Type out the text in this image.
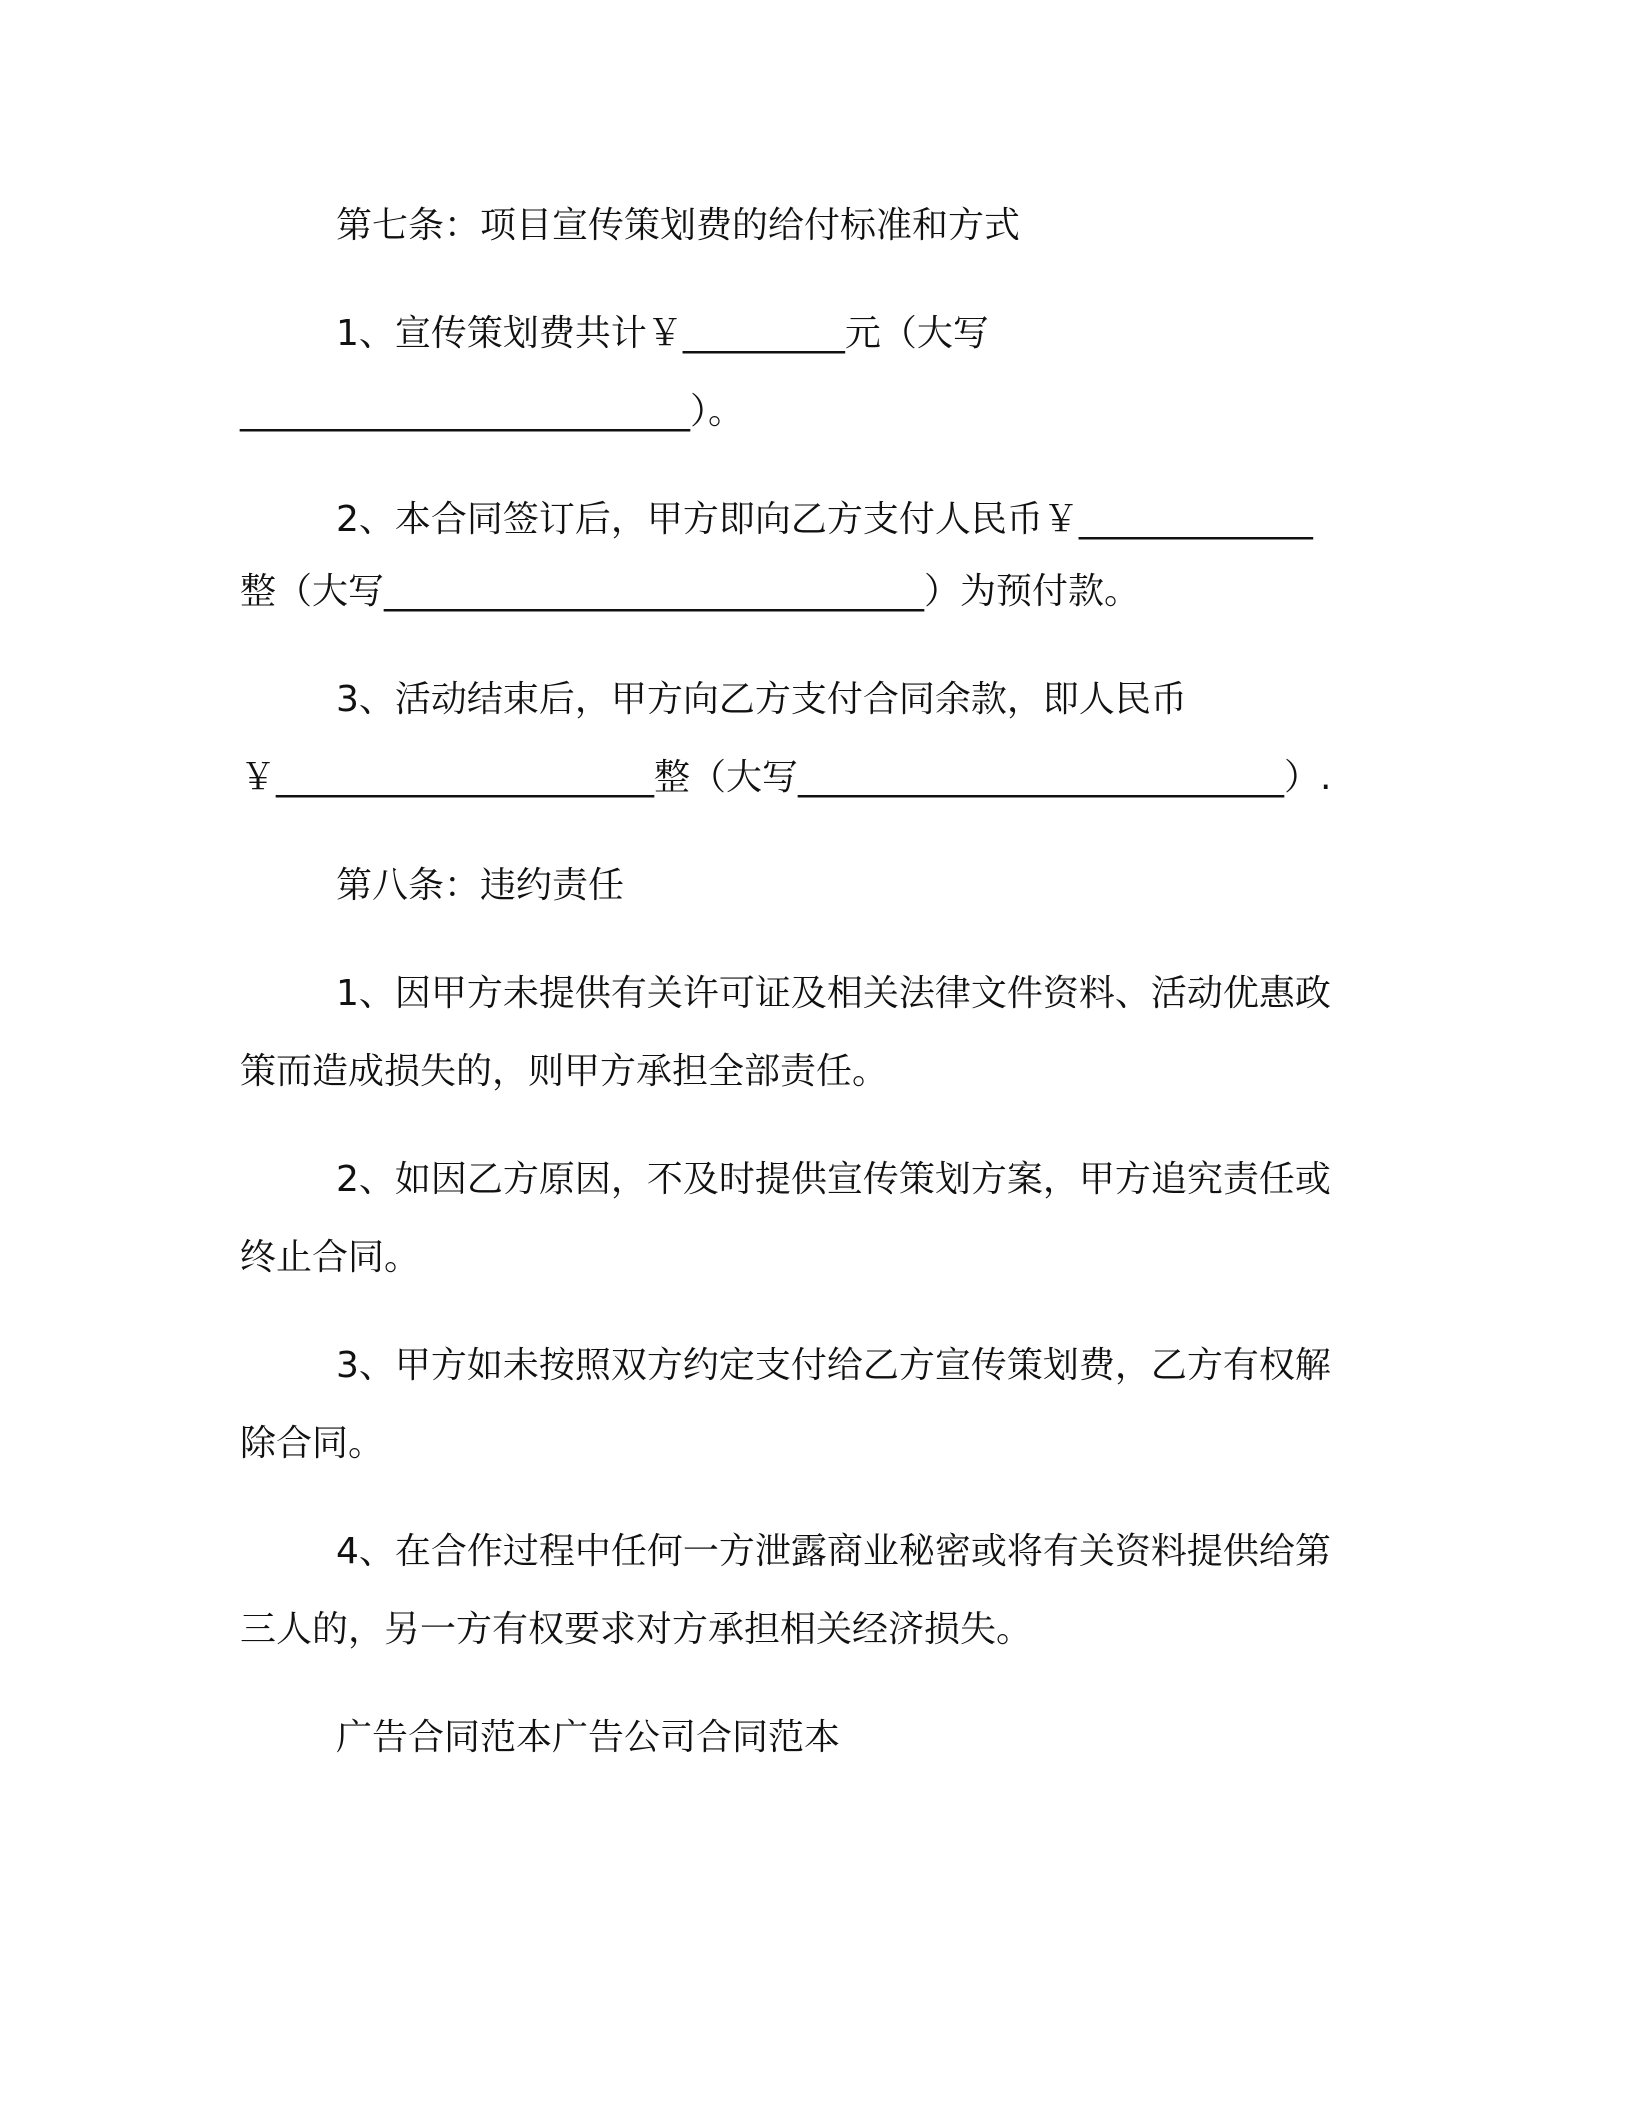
第七条：项目宣传策划费的给付标准和方式
1、宣传策划费共计￥_________元（大写
_________________________）。
2、本合同签订后，甲方即向乙方支付人民币￥_____________
整（大写______________________________）为预付款。
3、活动结束后，甲方向乙方支付合同余款，即人民币
￥_____________________整（大写___________________________）.
第八条：违约责任
1、因甲方未提供有关许可证及相关法律文件资料、活动优惠政
策而造成损失的，则甲方承担全部责任。
2、如因乙方原因，不及时提供宣传策划方案，甲方追究责任或
终止合同。
3、甲方如未按照双方约定支付给乙方宣传策划费，乙方有权解
除合同。
4、在合作过程中任何一方泄露商业秘密或将有关资料提供给第
三人的，另一方有权要求对方承担相关经济损失。
广告合同范本广告公司合同范本
